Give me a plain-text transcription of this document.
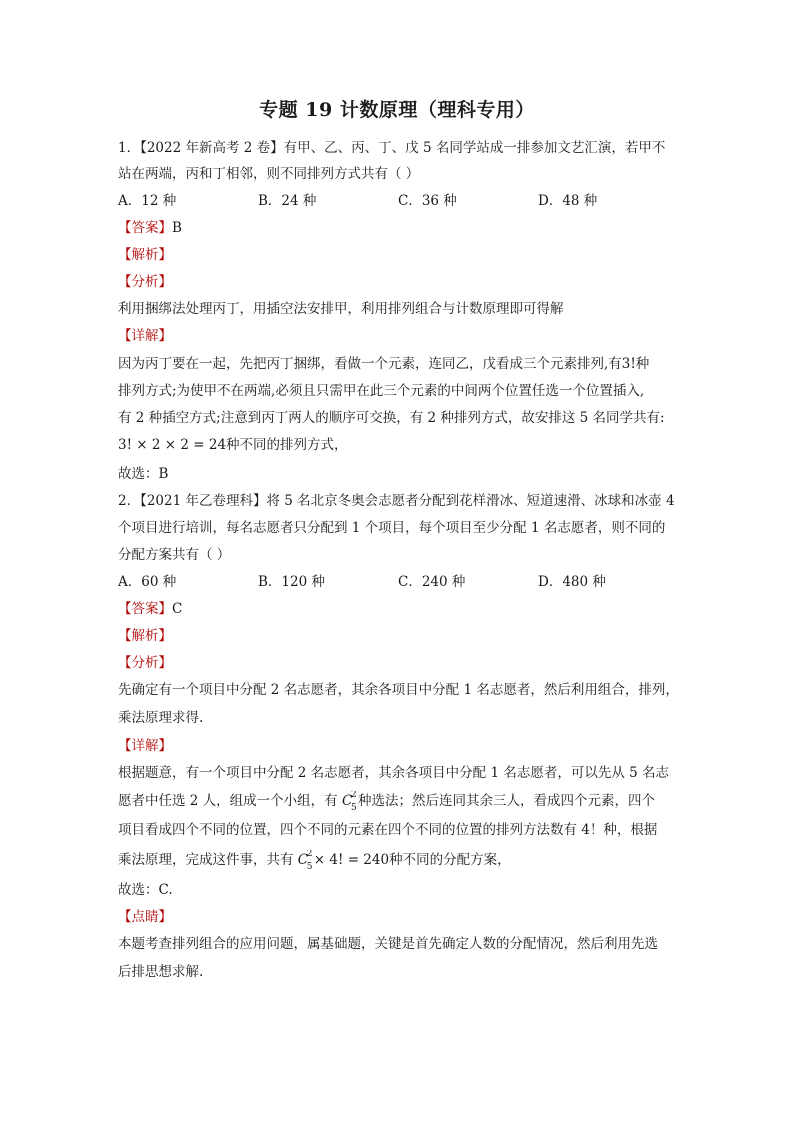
专题 19 计数原理（理科专用）
1．【2022 年新高考 2 卷】有甲、乙、丙、丁、戊 5 名同学站成一排参加文艺汇演，若甲不
站在两端，丙和丁相邻，则不同排列方式共有（ ）
A．12 种	B．24 种	C．36 种	D．48 种
【答案】B
【解析】
【分析】
利用捆绑法处理丙丁，用插空法安排甲，利用排列组合与计数原理即可得解
【详解】
因为丙丁要在一起，先把丙丁捆绑，看做一个元素，连同乙，戊看成三个元素排列,有3!种
排列方式;为使甲不在两端,必须且只需甲在此三个元素的中间两个位置任选一个位置插入,
有 2 种插空方式;注意到丙丁两人的顺序可交换，有 2 种排列方式，故安排这 5 名同学共有:
3! × 2 × 2 = 24种不同的排列方式，
故选：B
2．【2021 年乙卷理科】将 5 名北京冬奥会志愿者分配到花样滑冰、短道速滑、冰球和冰壶 4
个项目进行培训，每名志愿者只分配到 1 个项目，每个项目至少分配 1 名志愿者，则不同的
分配方案共有（ ）
A．60 种	B．120 种	C．240 种	D．480 种
【答案】C
【解析】
【分析】
先确定有一个项目中分配 2 名志愿者，其余各项目中分配 1 名志愿者，然后利用组合，排列，
乘法原理求得.
【详解】
根据题意，有一个项目中分配 2 名志愿者，其余各项目中分配 1 名志愿者，可以先从 5 名志
愿者中任选 2 人，组成一个小组，有 C
2
5 种选法；然后连同其余三人，看成四个元素，四个
项目看成四个不同的位置，四个不同的元素在四个不同的位置的排列方法数有 4！种，根据
乘法原理，完成这件事，共有 C
2
5 × 4! = 240种不同的分配方案，
故选：C.
【点睛】
本题考查排列组合的应用问题，属基础题，关键是首先确定人数的分配情况，然后利用先选
后排思想求解.
